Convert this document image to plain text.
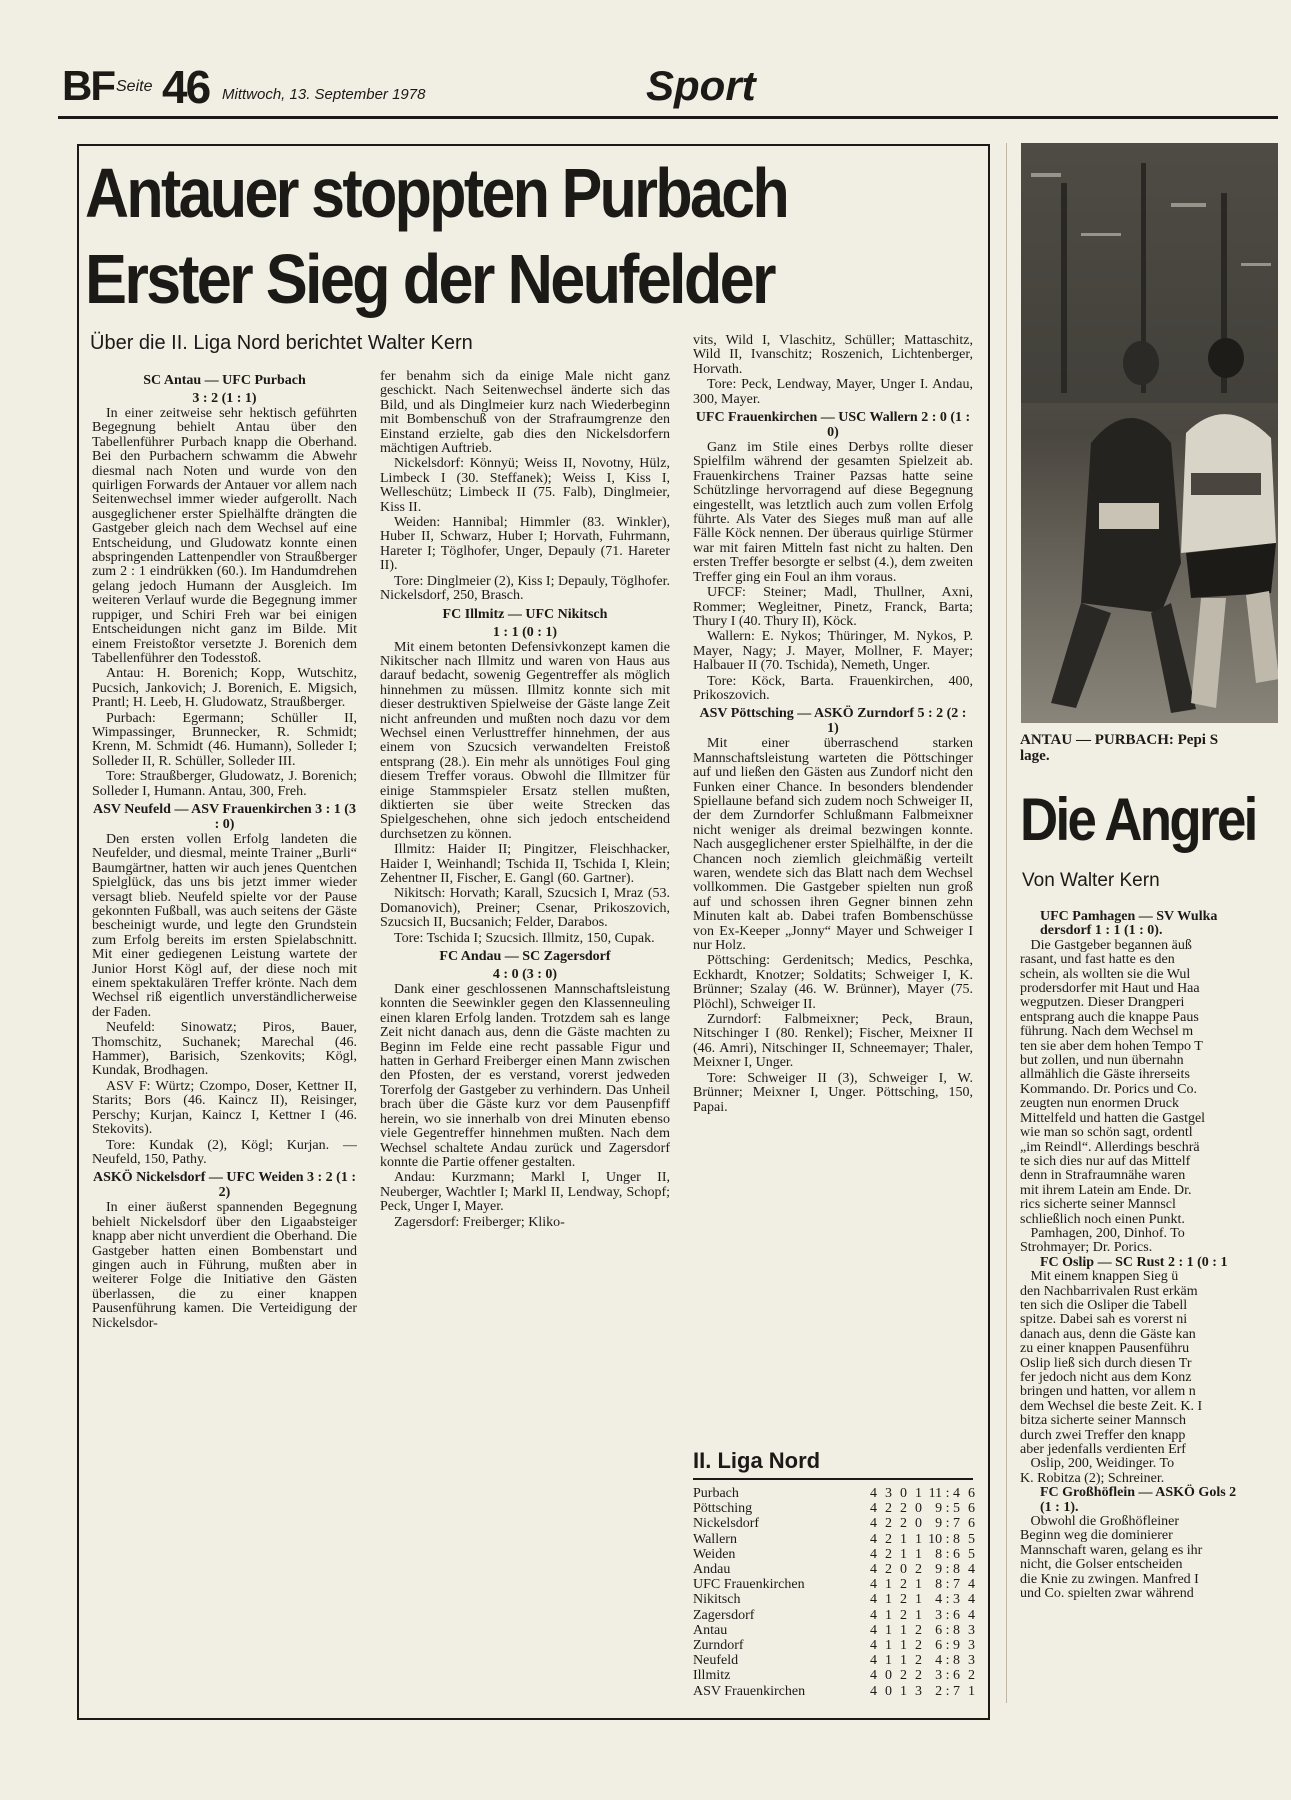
BF Seite 46 Mittwoch, 13. September 1978	Sport
Antauer stoppten Purbach
Erster Sieg der Neufelder
Über die II. Liga Nord berichtet Walter Kern
SC Antau — UFC Purbach
3 : 2 (1 : 1)

In einer zeitweise sehr hektisch geführten Begegnung behielt Antau über den Tabellenführer Purbach knapp die Oberhand. Bei den Purbachern schwamm die Abwehr diesmal nach Noten und wurde von den quirligen Forwards der Antauer vor allem nach Seitenwechsel immer wieder aufgerollt. Nach ausgeglichener erster Spielhälfte drängten die Gastgeber gleich nach dem Wechsel auf eine Entscheidung, und Gludowatz konnte einen abspringenden Lattenpendler von Straußberger zum 2 : 1 eindrükken (60.). Im Handumdrehen gelang jedoch Humann der Ausgleich. Im weiteren Verlauf wurde die Begegnung immer ruppiger, und Schiri Freh war bei einigen Entscheidungen nicht ganz im Bilde. Mit einem Freistoßtor versetzte J. Borenich dem Tabellenführer den Todesstoß.

Antau: H. Borenich; Kopp, Wutschitz, Pucsich, Jankovich; J. Borenich, E. Migsich, Prantl; H. Leeb, H. Gludowatz, Straußberger.

Purbach: Egermann; Schüller II, Wimpassinger, Brunnecker, R. Schmidt; Krenn, M. Schmidt (46. Humann), Solleder I; Solleder II, R. Schüller, Solleder III.

Tore: Straußberger, Gludowatz, J. Borenich; Solleder I, Humann. Antau, 300, Freh.

ASV Neufeld — ASV Frauenkirchen 3 : 1 (3 : 0)

Den ersten vollen Erfolg landeten die Neufelder, und diesmal, meinte Trainer „Burli“ Baumgärtner, hatten wir auch jenes Quentchen Spielglück, das uns bis jetzt immer wieder versagt blieb. Neufeld spielte vor der Pause gekonnten Fußball, was auch seitens der Gäste bescheinigt wurde, und legte den Grundstein zum Erfolg bereits im ersten Spielabschnitt. Mit einer gediegenen Leistung wartete der Junior Horst Kögl auf, der diese noch mit einem spektakulären Treffer krönte. Nach dem Wechsel riß eigentlich unverständlicherweise der Faden.

Neufeld: Sinowatz; Piros, Bauer, Thomschitz, Suchanek; Marechal (46. Hammer), Barisich, Szenkovits; Kögl, Kundak, Brodhagen.

ASV F: Würtz; Czompo, Doser, Kettner II, Starits; Bors (46. Kaincz II), Reisinger, Perschy; Kurjan, Kaincz I, Kettner I (46. Stekovits).

Tore: Kundak (2), Kögl; Kurjan. — Neufeld, 150, Pathy.

ASKÖ Nickelsdorf — UFC Weiden 3 : 2 (1 : 2)

In einer äußerst spannenden Begegnung behielt Nickelsdorf über den Ligaabsteiger knapp aber nicht unverdient die Oberhand. Die Gastgeber hatten einen Bombenstart und gingen auch in Führung, mußten aber in weiterer Folge die Initiative den Gästen überlassen, die zu einer knappen Pausenführung kamen. Die Verteidigung der Nickelsdor-

fer benahm sich da einige Male nicht ganz geschickt. Nach Seitenwechsel änderte sich das Bild, und als Dinglmeier kurz nach Wiederbeginn mit Bombenschuß von der Strafraumgrenze den Einstand erzielte, gab dies den Nickelsdorfern mächtigen Auftrieb.

Nickelsdorf: Könnyü; Weiss II, Novotny, Hülz, Limbeck I (30. Steffanek); Weiss I, Kiss I, Welleschütz; Limbeck II (75. Falb), Dinglmeier, Kiss II.

Weiden: Hannibal; Himmler (83. Winkler), Huber II, Schwarz, Huber I; Horvath, Fuhrmann, Hareter I; Töglhofer, Unger, Depauly (71. Hareter II).

Tore: Dinglmeier (2), Kiss I; Depauly, Töglhofer. Nickelsdorf, 250, Brasch.

FC Illmitz — UFC Nikitsch
1 : 1 (0 : 1)

Mit einem betonten Defensivkonzept kamen die Nikitscher nach Illmitz und waren von Haus aus darauf bedacht, sowenig Gegentreffer als möglich hinnehmen zu müssen. Illmitz konnte sich mit dieser destruktiven Spielweise der Gäste lange Zeit nicht anfreunden und mußten noch dazu vor dem Wechsel einen Verlusttreffer hinnehmen, der aus einem von Szucsich verwandelten Freistoß entsprang (28.). Ein mehr als unnötiges Foul ging diesem Treffer voraus. Obwohl die Illmitzer für einige Stammspieler Ersatz stellen mußten, diktierten sie über weite Strecken das Spielgeschehen, ohne sich jedoch entscheidend durchsetzen zu können.

Illmitz: Haider II; Pingitzer, Fleischhacker, Haider I, Weinhandl; Tschida II, Tschida I, Klein; Zehentner II, Fischer, E. Gangl (60. Gartner).

Nikitsch: Horvath; Karall, Szucsich I, Mraz (53. Domanovich), Preiner; Csenar, Prikoszovich, Szucsich II, Bucsanich; Felder, Darabos.

Tore: Tschida I; Szucsich. Illmitz, 150, Cupak.

FC Andau — SC Zagersdorf
4 : 0 (3 : 0)

Dank einer geschlossenen Mannschaftsleistung konnten die Seewinkler gegen den Klassenneuling einen klaren Erfolg landen. Trotzdem sah es lange Zeit nicht danach aus, denn die Gäste machten zu Beginn im Felde eine recht passable Figur und hatten in Gerhard Freiberger einen Mann zwischen den Pfosten, der es verstand, vorerst jedweden Torerfolg der Gastgeber zu verhindern. Das Unheil brach über die Gäste kurz vor dem Pausenpfiff herein, wo sie innerhalb von drei Minuten ebenso viele Gegentreffer hinnehmen mußten. Nach dem Wechsel schaltete Andau zurück und Zagersdorf konnte die Partie offener gestalten.

Andau: Kurzmann; Markl I, Unger II, Neuberger, Wachtler I; Markl II, Lendway, Schopf; Peck, Unger I, Mayer.

Zagersdorf: Freiberger; Kliko-

vits, Wild I, Vlaschitz, Schüller; Mattaschitz, Wild II, Ivanschitz; Roszenich, Lichtenberger, Horvath.

Tore: Peck, Lendway, Mayer, Unger I. Andau, 300, Mayer.

UFC Frauenkirchen — USC Wallern 2 : 0 (1 : 0)

Ganz im Stile eines Derbys rollte dieser Spielfilm während der gesamten Spielzeit ab. Frauenkirchens Trainer Pazsas hatte seine Schützlinge hervorragend auf diese Begegnung eingestellt, was letztlich auch zum vollen Erfolg führte. Als Vater des Sieges muß man auf alle Fälle Köck nennen. Der überaus quirlige Stürmer war mit fairen Mitteln fast nicht zu halten. Den ersten Treffer besorgte er selbst (4.), dem zweiten Treffer ging ein Foul an ihm voraus.

UFCF: Steiner; Madl, Thullner, Axni, Rommer; Wegleitner, Pinetz, Franck, Barta; Thury I (40. Thury II), Köck.

Wallern: E. Nykos; Thüringer, M. Nykos, P. Mayer, Nagy; J. Mayer, Mollner, F. Mayer; Halbauer II (70. Tschida), Nemeth, Unger.

Tore: Köck, Barta. Frauenkirchen, 400, Prikoszovich.

ASV Pöttsching — ASKÖ Zurndorf 5 : 2 (2 : 1)

Mit einer überraschend starken Mannschaftsleistung warteten die Pöttschinger auf und ließen den Gästen aus Zundorf nicht den Funken einer Chance. In besonders blendender Spiellaune befand sich zudem noch Schweiger II, der dem Zurndorfer Schlußmann Falbmeixner nicht weniger als dreimal bezwingen konnte. Nach ausgeglichener erster Spielhälfte, in der die Chancen noch ziemlich gleichmäßig verteilt waren, wendete sich das Blatt nach dem Wechsel vollkommen. Die Gastgeber spielten nun groß auf und schossen ihren Gegner binnen zehn Minuten kalt ab. Dabei trafen Bombenschüsse von Ex-Keeper „Jonny“ Mayer und Schweiger I nur Holz.

Pöttsching: Gerdenitsch; Medics, Peschka, Eckhardt, Knotzer; Soldatits; Schweiger I, K. Brünner; Szalay (46. W. Brünner), Mayer (75. Plöchl), Schweiger II.

Zurndorf: Falbmeixner; Peck, Braun, Nitschinger I (80. Renkel); Fischer, Meixner II (46. Amri), Nitschinger II, Schneemayer; Thaler, Meixner I, Unger.

Tore: Schweiger II (3), Schweiger I, W. Brünner; Meixner I, Unger. Pöttsching, 150, Papai.

II. Liga Nord
Purbach	4	3	0	1	11 : 4	6
Pöttsching	4	2	2	0	9 : 5	6
Nickelsdorf	4	2	2	0	9 : 7	6
Wallern	4	2	1	1	10 : 8	5
Weiden	4	2	1	1	8 : 6	5
Andau	4	2	0	2	9 : 8	4
UFC Frauenkirchen	4	1	2	1	8 : 7	4
Nikitsch	4	1	2	1	4 : 3	4
Zagersdorf	4	1	2	1	3 : 6	4
Antau	4	1	1	2	6 : 8	3
Zurndorf	4	1	1	2	6 : 9	3
Neufeld	4	1	1	2	4 : 8	3
Illmitz	4	0	2	2	3 : 6	2
ASV Frauenkirchen	4	0	1	3	2 : 7	1
ANTAU — PURBACH: Pepi S
lage.
Die Angrei
Von Walter Kern
UFC Pamhagen — SV Wulka
dersdorf 1 : 1 (1 : 0).
Die Gastgeber begannen äuß
rasant, und fast hatte es den
schein, als wollten sie die Wul
prodersdorfer mit Haut und Haa
wegputzen. Dieser Drangperi
entsprang auch die knappe Paus
führung. Nach dem Wechsel m
ten sie aber dem hohen Tempo T
but zollen, und nun übernahn
allmählich die Gäste ihrerseits
Kommando. Dr. Porics und Co.
zeugten nun enormen Druck
Mittelfeld und hatten die Gastgel
wie man so schön sagt, ordentl
„im Reindl“. Allerdings beschrä
te sich dies nur auf das Mittelf
denn in Strafraumnähe waren
mit ihrem Latein am Ende. Dr.
rics sicherte seiner Mannscl
schließlich noch einen Punkt.
Pamhagen, 200, Dinhof. To
Strohmayer; Dr. Porics.
FC Oslip — SC Rust 2 : 1 (0 : 1
Mit einem knappen Sieg ü
den Nachbarrivalen Rust erkäm
ten sich die Osliper die Tabell
spitze. Dabei sah es vorerst ni
danach aus, denn die Gäste kan
zu einer knappen Pausenführu
Oslip ließ sich durch diesen Tr
fer jedoch nicht aus dem Konz
bringen und hatten, vor allem n
dem Wechsel die beste Zeit. K. I
bitza sicherte seiner Mannsch
durch zwei Treffer den knapp
aber jedenfalls verdienten Erf
Oslip, 200, Weidinger. To
K. Robitza (2); Schreiner.
FC Großhöflein — ASKÖ Gols 2
(1 : 1).
Obwohl die Großhöfleiner
Beginn weg die dominierer
Mannschaft waren, gelang es ihr
nicht, die Golser entscheiden
die Knie zu zwingen. Manfred I
und Co. spielten zwar während
